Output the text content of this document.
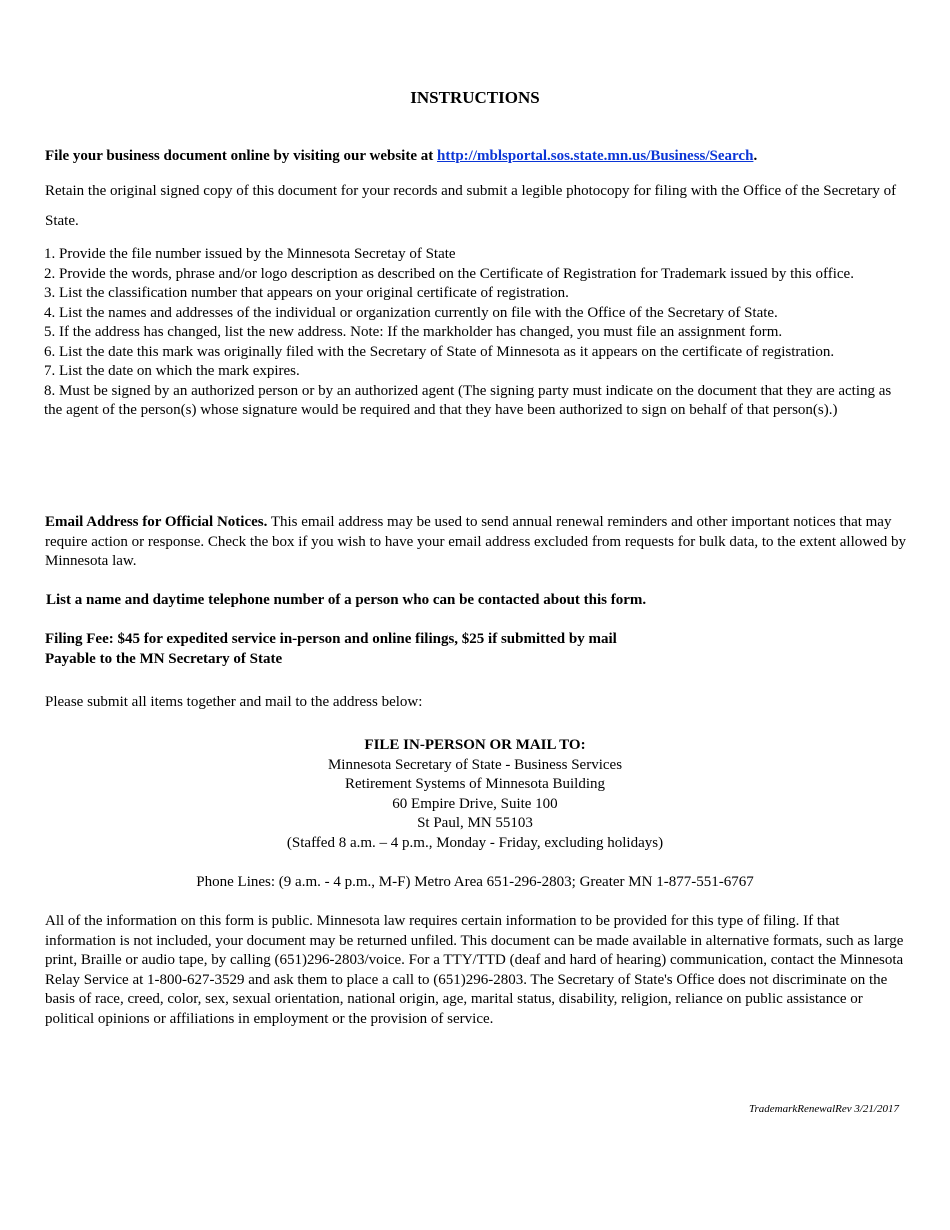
INSTRUCTIONS
File your business document online by visiting our website at http://mblsportal.sos.state.mn.us/Business/Search.
Retain the original signed copy of this document for your records and submit a legible photocopy for filing with the Office of the Secretary of State.
1. Provide the file number issued by the Minnesota Secretay of State
2. Provide the words, phrase and/or logo description as described on the Certificate of Registration for Trademark issued by this office.
3. List the classification number that appears on your original certificate of registration.
4. List the names and addresses of the individual or organization currently on file with the Office of the Secretary of State.
5. If the address has changed, list the new address. Note: If the markholder has changed, you must file an assignment form.
6. List the date this mark was originally filed with the Secretary of State of Minnesota as it appears on the certificate of registration.
7. List the date on which the mark expires.
8. Must be signed by an authorized person or by an authorized agent (The signing party must indicate on the document that they are acting as the agent of the person(s) whose signature would be required and that they have been authorized to sign on behalf of that person(s).)
Email Address for Official Notices. This email address may be used to send annual renewal reminders and other important notices that may require action or response. Check the box if you wish to have your email address excluded from requests for bulk data, to the extent allowed by Minnesota law.
List a name and daytime telephone number of a person who can be contacted about this form.
Filing Fee: $45 for expedited service in-person and online filings, $25 if submitted by mail
Payable to the MN Secretary of State
Please submit all items together and mail to the address below:
FILE IN-PERSON OR MAIL TO:
Minnesota Secretary of State - Business Services
Retirement Systems of Minnesota Building
60 Empire Drive, Suite 100
St Paul, MN 55103
(Staffed 8 a.m. – 4 p.m., Monday - Friday, excluding holidays)
Phone Lines: (9 a.m. - 4 p.m., M-F) Metro Area 651-296-2803; Greater MN 1-877-551-6767
All of the information on this form is public. Minnesota law requires certain information to be provided for this type of filing. If that information is not included, your document may be returned unfiled. This document can be made available in alternative formats, such as large print, Braille or audio tape, by calling (651)296-2803/voice. For a TTY/TTD (deaf and hard of hearing) communication, contact the Minnesota Relay Service at 1-800-627-3529 and ask them to place a call to (651)296-2803. The Secretary of State's Office does not discriminate on the basis of race, creed, color, sex, sexual orientation, national origin, age, marital status, disability, religion, reliance on public assistance or political opinions or affiliations in employment or the provision of service.
TrademarkRenewalRev 3/21/2017
